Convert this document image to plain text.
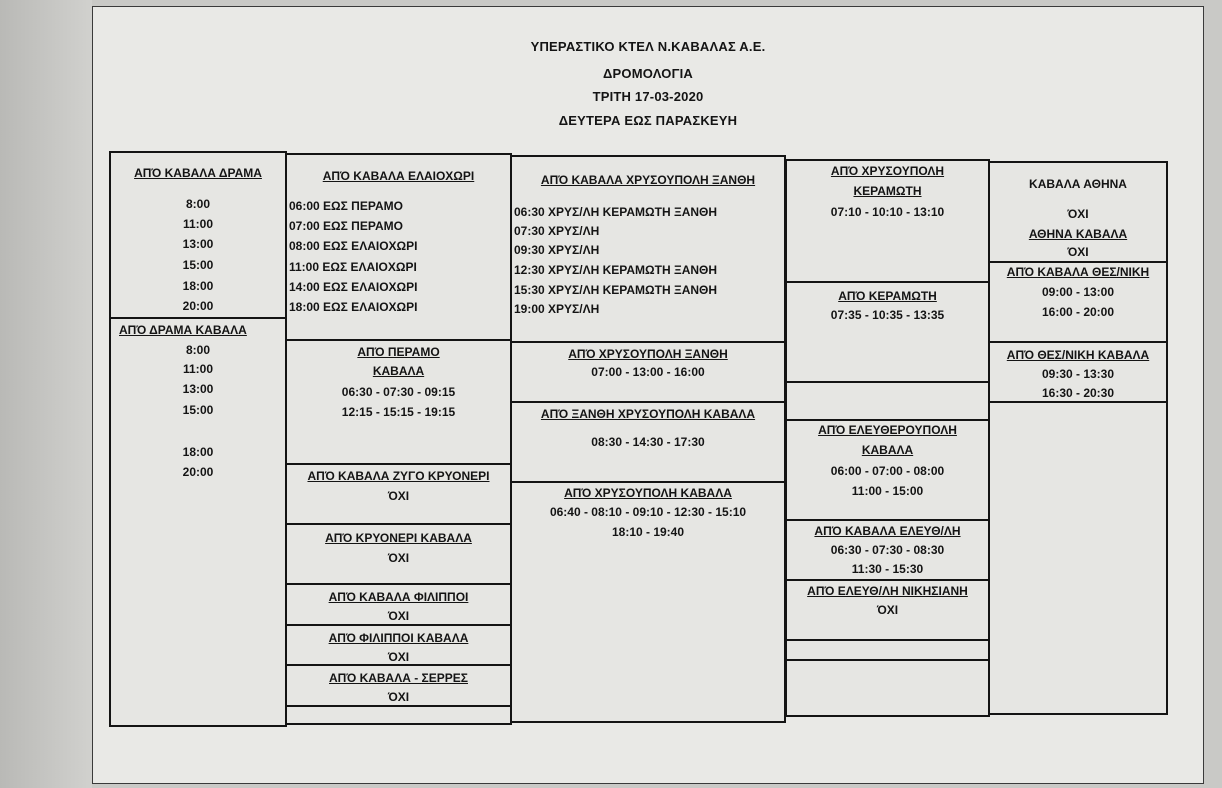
ΥΠΕΡΑΣΤΙΚΟ ΚΤΕΛ Ν.ΚΑΒΑΛΑΣ Α.Ε.
ΔΡΟΜΟΛΟΓΙΑ
ΤΡΙΤΗ 17-03-2020
ΔΕΥΤΕΡΑ ΕΩΣ ΠΑΡΑΣΚΕΥΗ
ΑΠΌ ΚΑΒΑΛΑ ΔΡΑΜΑ
8:00
11:00
13:00
15:00
18:00
20:00
ΑΠΌ ΔΡΑΜΑ ΚΑΒΑΛΑ
8:00
11:00
13:00
15:00
18:00
20:00
ΑΠΌ ΚΑΒΑΛΑ ΕΛΑΙΟΧΩΡΙ
06:00 ΕΩΣ ΠΕΡΑΜΟ
07:00 ΕΩΣ ΠΕΡΑΜΟ
08:00 ΕΩΣ ΕΛΑΙΟΧΩΡΙ
11:00 ΕΩΣ ΕΛΑΙΟΧΩΡΙ
14:00 ΕΩΣ ΕΛΑΙΟΧΩΡΙ
18:00 ΕΩΣ ΕΛΑΙΟΧΩΡΙ
ΑΠΌ ΠΕΡΑΜΟ
ΚΑΒΑΛΑ
06:30 - 07:30 - 09:15
12:15 - 15:15 - 19:15
ΑΠΌ ΚΑΒΑΛΑ ΖΥΓΟ ΚΡΥΟΝΕΡΙ
ΌΧΙ
ΑΠΌ ΚΡΥΟΝΕΡΙ ΚΑΒΑΛΑ
ΌΧΙ
ΑΠΌ ΚΑΒΑΛΑ ΦΙΛΙΠΠΟΙ
ΌΧΙ
ΑΠΌ ΦΙΛΙΠΠΟΙ ΚΑΒΑΛΑ
ΌΧΙ
ΑΠΌ ΚΑΒΑΛΑ - ΣΕΡΡΕΣ
ΌΧΙ
ΑΠΌ ΚΑΒΑΛΑ ΧΡΥΣΟΥΠΟΛΗ ΞΑΝΘΗ
06:30 ΧΡΥΣ/ΛΗ ΚΕΡΑΜΩΤΗ ΞΑΝΘΗ
07:30 ΧΡΥΣ/ΛΗ
09:30 ΧΡΥΣ/ΛΗ
12:30 ΧΡΥΣ/ΛΗ ΚΕΡΑΜΩΤΗ ΞΑΝΘΗ
15:30 ΧΡΥΣ/ΛΗ ΚΕΡΑΜΩΤΗ ΞΑΝΘΗ
19:00 ΧΡΥΣ/ΛΗ
ΑΠΌ ΧΡΥΣΟΥΠΟΛΗ ΞΑΝΘΗ
07:00 - 13:00 - 16:00
ΑΠΌ ΞΑΝΘΗ ΧΡΥΣΟΥΠΟΛΗ ΚΑΒΑΛΑ
08:30 - 14:30 - 17:30
ΑΠΌ ΧΡΥΣΟΥΠΟΛΗ ΚΑΒΑΛΑ
06:40 - 08:10 - 09:10 - 12:30 - 15:10
18:10 - 19:40
ΑΠΌ ΧΡΥΣΟΥΠΟΛΗ
ΚΕΡΑΜΩΤΗ
07:10 - 10:10 - 13:10
ΑΠΌ ΚΕΡΑΜΩΤΗ
07:35 - 10:35 - 13:35
ΑΠΌ ΕΛΕΥΘΕΡΟΥΠΟΛΗ
ΚΑΒΑΛΑ
06:00 - 07:00 - 08:00
11:00 - 15:00
ΑΠΌ ΚΑΒΑΛΑ ΕΛΕΥΘ/ΛΗ
06:30 - 07:30 - 08:30
11:30 - 15:30
ΑΠΌ ΕΛΕΥΘ/ΛΗ ΝΙΚΗΣΙΑΝΗ
ΌΧΙ
ΚΑΒΑΛΑ ΑΘΗΝΑ
ΌΧΙ
ΑΘΗΝΑ ΚΑΒΑΛΑ
ΌΧΙ
ΑΠΌ ΚΑΒΑΛΑ ΘΕΣ/ΝΙΚΗ
09:00 - 13:00
16:00 - 20:00
ΑΠΌ ΘΕΣ/ΝΙΚΗ ΚΑΒΑΛΑ
09:30 - 13:30
16:30 - 20:30
